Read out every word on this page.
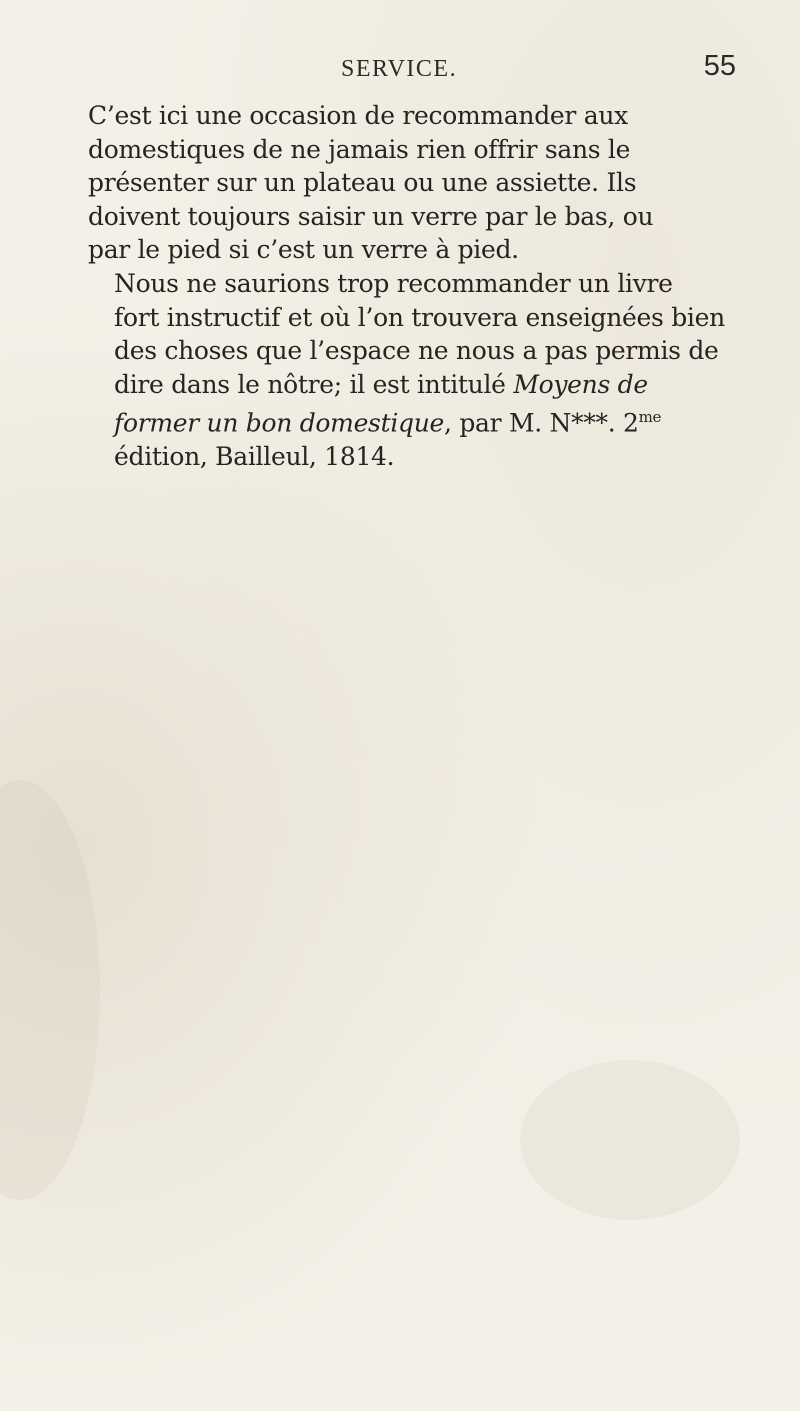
SERVICE.	55

C’est ici une occasion de recommander aux
domestiques de ne jamais rien offrir sans le
présenter sur un plateau ou une assiette. Ils
doivent toujours saisir un verre par le bas, ou
par le pied si c’est un verre à pied.

Nous ne saurions trop recommander un livre
fort instructif et où l’on trouvera enseignées bien
des choses que l’espace ne nous a pas permis de
dire dans le nôtre; il est intitulé Moyens de
former un bon domestique, par M. N***. $2^{me}$
édition, Bailleul, 1814.
